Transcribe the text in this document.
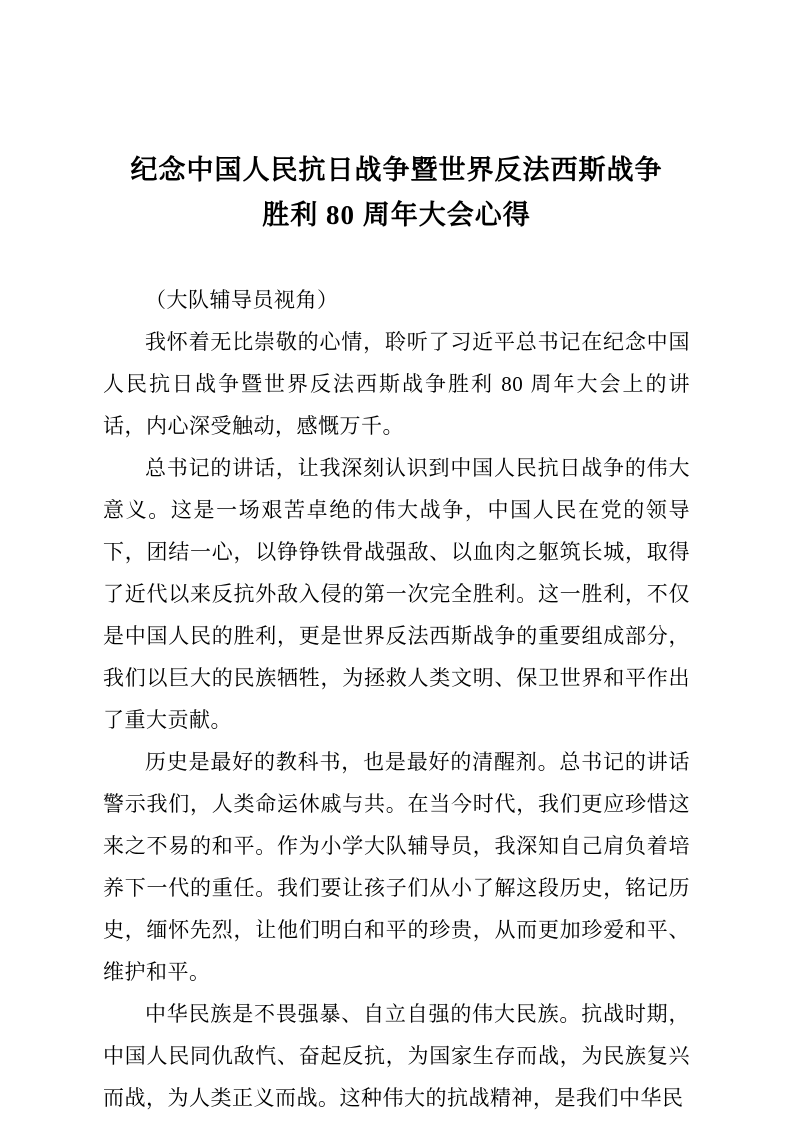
纪念中国人民抗日战争暨世界反法西斯战争
胜利 80 周年大会心得

（大队辅导员视角）

我怀着无比崇敬的心情，聆听了习近平总书记在纪念中国人民抗日战争暨世界反法西斯战争胜利 80 周年大会上的讲话，内心深受触动，感慨万千。

总书记的讲话，让我深刻认识到中国人民抗日战争的伟大意义。这是一场艰苦卓绝的伟大战争，中国人民在党的领导下，团结一心，以铮铮铁骨战强敌、以血肉之躯筑长城，取得了近代以来反抗外敌入侵的第一次完全胜利。这一胜利，不仅是中国人民的胜利，更是世界反法西斯战争的重要组成部分，我们以巨大的民族牺牲，为拯救人类文明、保卫世界和平作出了重大贡献。

历史是最好的教科书，也是最好的清醒剂。总书记的讲话警示我们，人类命运休戚与共。在当今时代，我们更应珍惜这来之不易的和平。作为小学大队辅导员，我深知自己肩负着培养下一代的重任。我们要让孩子们从小了解这段历史，铭记历史，缅怀先烈，让他们明白和平的珍贵，从而更加珍爱和平、维护和平。

中华民族是不畏强暴、自立自强的伟大民族。抗战时期，中国人民同仇敌忾、奋起反抗，为国家生存而战，为民族复兴而战，为人类正义而战。这种伟大的抗战精神，是我们中华民
